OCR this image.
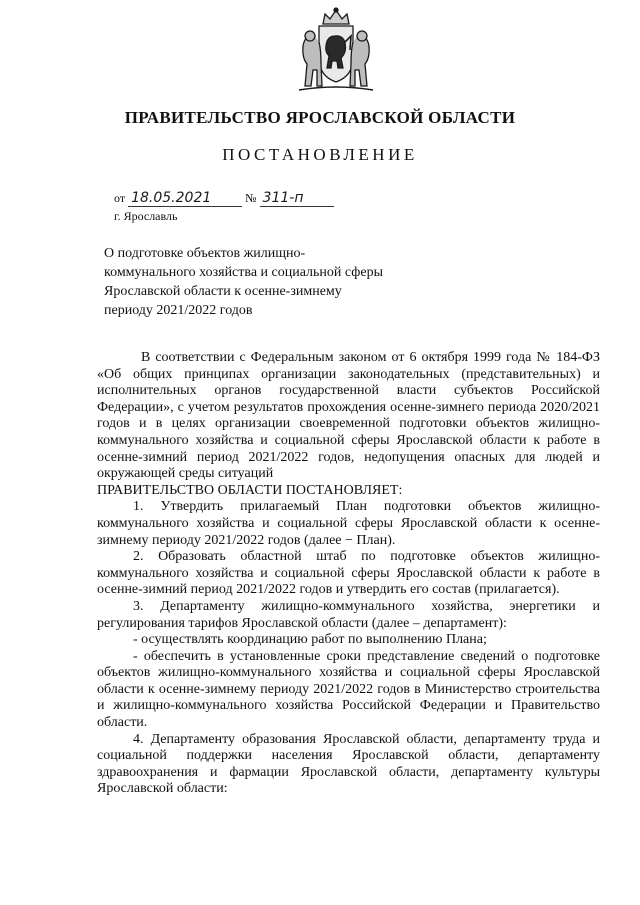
ПРАВИТЕЛЬСТВО ЯРОСЛАВСКОЙ ОБЛАСТИ
ПОСТАНОВЛЕНИЕ
от 18.05.2021	№ 311-п
г. Ярославль
О подготовке объектов жилищно-коммунального хозяйства и социальной сферы Ярославской области к осенне-зимнему периоду 2021/2022 годов

В соответствии с Федеральным законом от 6 октября 1999 года № 184-ФЗ «Об общих принципах организации законодательных (представительных) и исполнительных органов государственной власти субъектов Российской Федерации», с учетом результатов прохождения осенне-зимнего периода 2020/2021 годов и в целях организации своевременной подготовки объектов жилищно-коммунального хозяйства и социальной сферы Ярославской области к работе в осенне-зимний период 2021/2022 годов, недопущения опасных для людей и окружающей среды ситуаций

ПРАВИТЕЛЬСТВО ОБЛАСТИ ПОСТАНОВЛЯЕТ:

1. Утвердить прилагаемый План подготовки объектов жилищно-коммунального хозяйства и социальной сферы Ярославской области к осенне-зимнему периоду 2021/2022 годов (далее − План).

2. Образовать областной штаб по подготовке объектов жилищно-коммунального хозяйства и социальной сферы Ярославской области к работе в осенне-зимний период 2021/2022 годов и утвердить его состав (прилагается).

3. Департаменту жилищно-коммунального хозяйства, энергетики и регулирования тарифов Ярославской области (далее – департамент):

- осуществлять координацию работ по выполнению Плана;

- обеспечить в установленные сроки представление сведений о подготовке объектов жилищно-коммунального хозяйства и социальной сферы Ярославской области к осенне-зимнему периоду 2021/2022 годов в Министерство строительства и жилищно-коммунального хозяйства Российской Федерации и Правительство области.

4. Департаменту образования Ярославской области, департаменту труда и социальной поддержки населения Ярославской области, департаменту здравоохранения и фармации Ярославской области, департаменту культуры Ярославской области:
